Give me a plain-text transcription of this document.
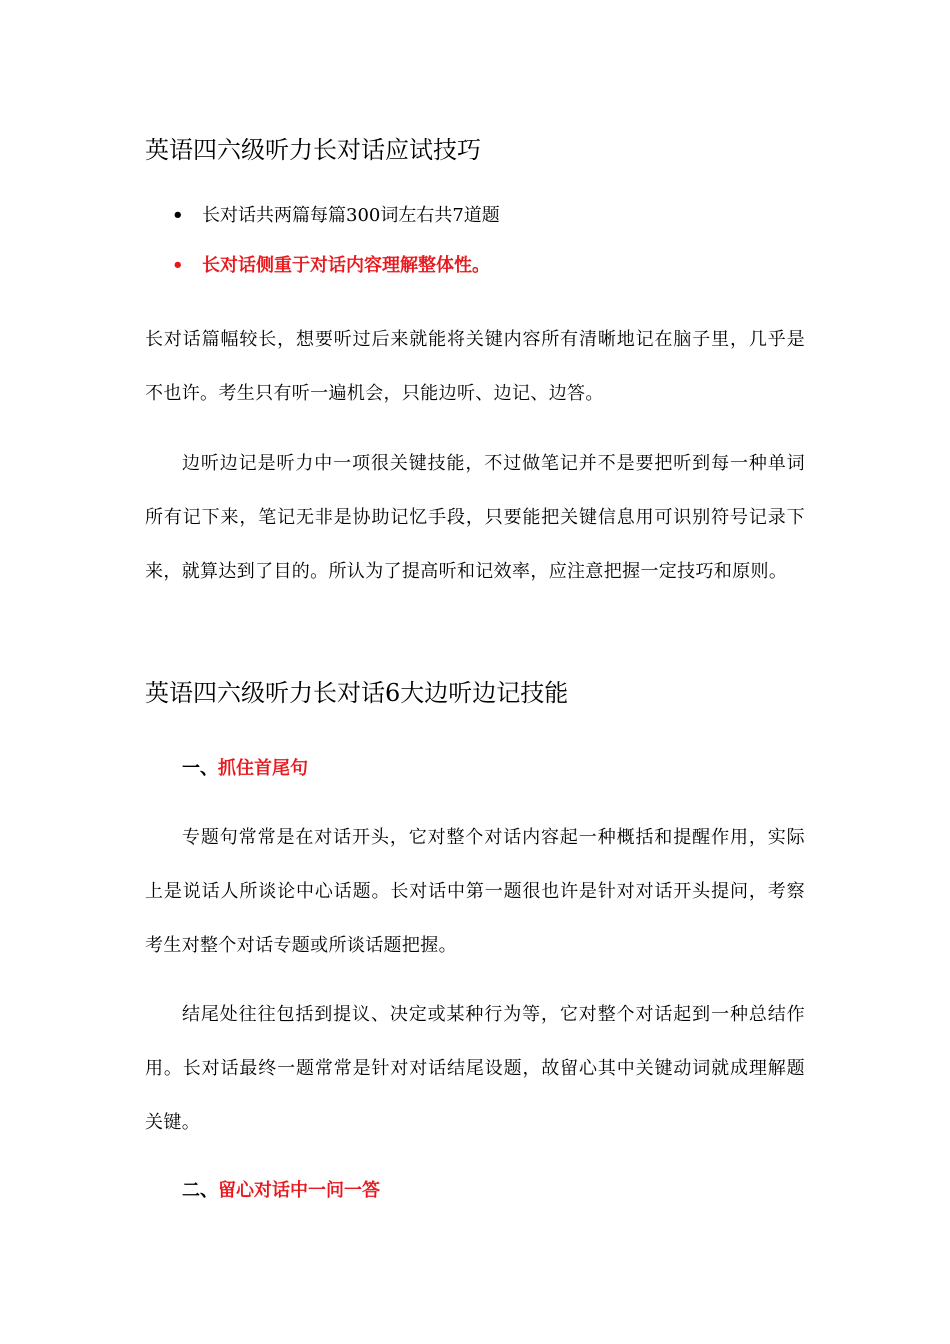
英语四六级听力长对话应试技巧
• 长对话共两篇每篇300词左右共7道题
• 长对话侧重于对话内容理解整体性。

长对话篇幅较长，想要听过后来就能将关键内容所有清晰地记在脑子里，几乎是不也许。考生只有听一遍机会，只能边听、边记、边答。

边听边记是听力中一项很关键技能，不过做笔记并不是要把听到每一种单词所有记下来，笔记无非是协助记忆手段，只要能把关键信息用可识别符号记录下来，就算达到了目的。所认为了提高听和记效率，应注意把握一定技巧和原则。

英语四六级听力长对话6大边听边记技能
一、抓住首尾句

专题句常常是在对话开头，它对整个对话内容起一种概括和提醒作用，实际上是说话人所谈论中心话题。长对话中第一题很也许是针对对话开头提问，考察考生对整个对话专题或所谈话题把握。

结尾处往往包括到提议、决定或某种行为等，它对整个对话起到一种总结作用。长对话最终一题常常是针对对话结尾设题，故留心其中关键动词就成理解题关键。

二、留心对话中一问一答
